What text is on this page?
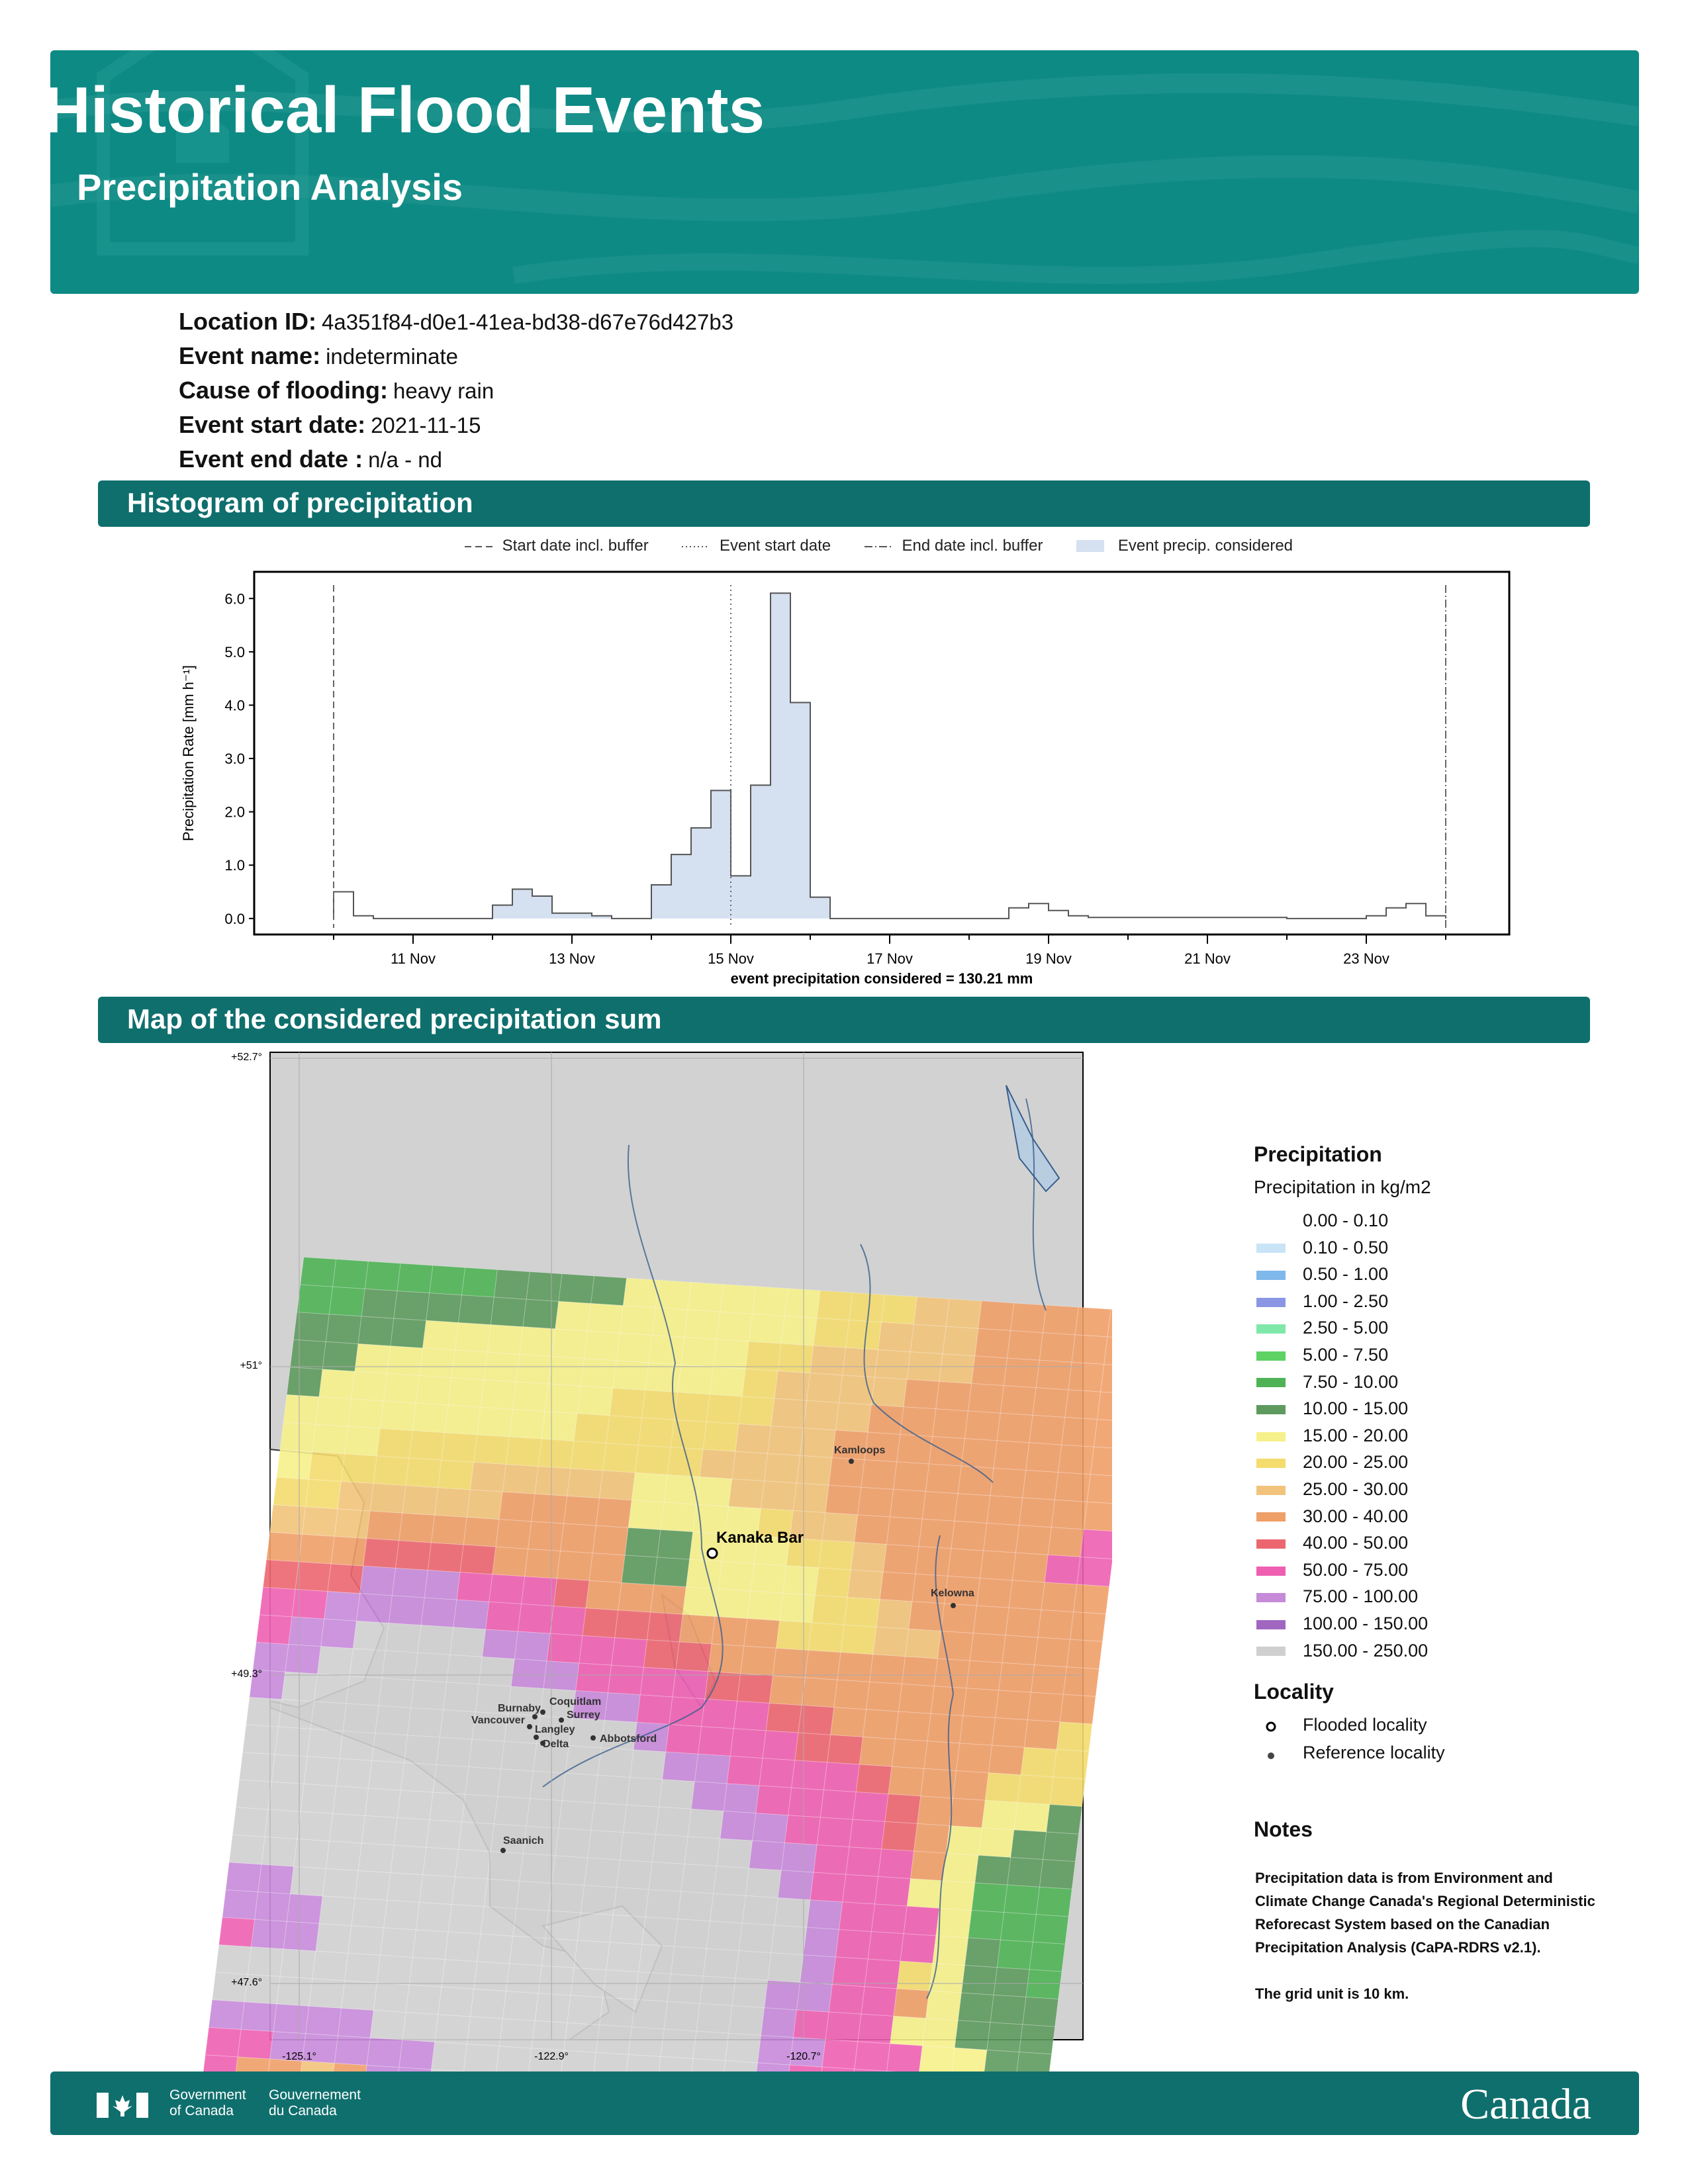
Historical Flood Events
Precipitation Analysis
Location ID: 4a351f84-d0e1-41ea-bd38-d67e76d427b3
Event name: indeterminate
Cause of flooding: heavy rain
Event start date: 2021-11-15
Event end date : n/a - nd
Histogram of precipitation
Start date incl. buffer	Event start date	End date incl. buffer	Event precip. considered
0.0
1.0
2.0
3.0
4.0
5.0
6.0
11 Nov	13 Nov	15 Nov	17 Nov	19 Nov	21 Nov	23 Nov
Precipitation Rate [mm h⁻¹]
event precipitation considered = 130.21 mm
Map of the considered precipitation sum
+52.7°
+51°
+49.3°
+47.6°
-125.1°	-122.9°	-120.7°
Kanaka Bar
Kamloops
Kelowna
Coquitlam
Burnaby
Surrey
Vancouver
Langley
Delta	Abbotsford
Saanich
Precipitation
Precipitation in kg/m2
0.00 - 0.10
0.10 - 0.50
0.50 - 1.00
1.00 - 2.50
2.50 - 5.00
5.00 - 7.50
7.50 - 10.00
10.00 - 15.00
15.00 - 20.00
20.00 - 25.00
25.00 - 30.00
30.00 - 40.00
40.00 - 50.00
50.00 - 75.00
75.00 - 100.00
100.00 - 150.00
150.00 - 250.00
Locality
Flooded locality
Reference locality
Notes
Precipitation data is from Environment and Climate Change Canada's Regional Deterministic Reforecast System based on the Canadian Precipitation Analysis (CaPA-RDRS v2.1).
The grid unit is 10 km.
Government
of Canada
Gouvernement
du Canada	Canada
